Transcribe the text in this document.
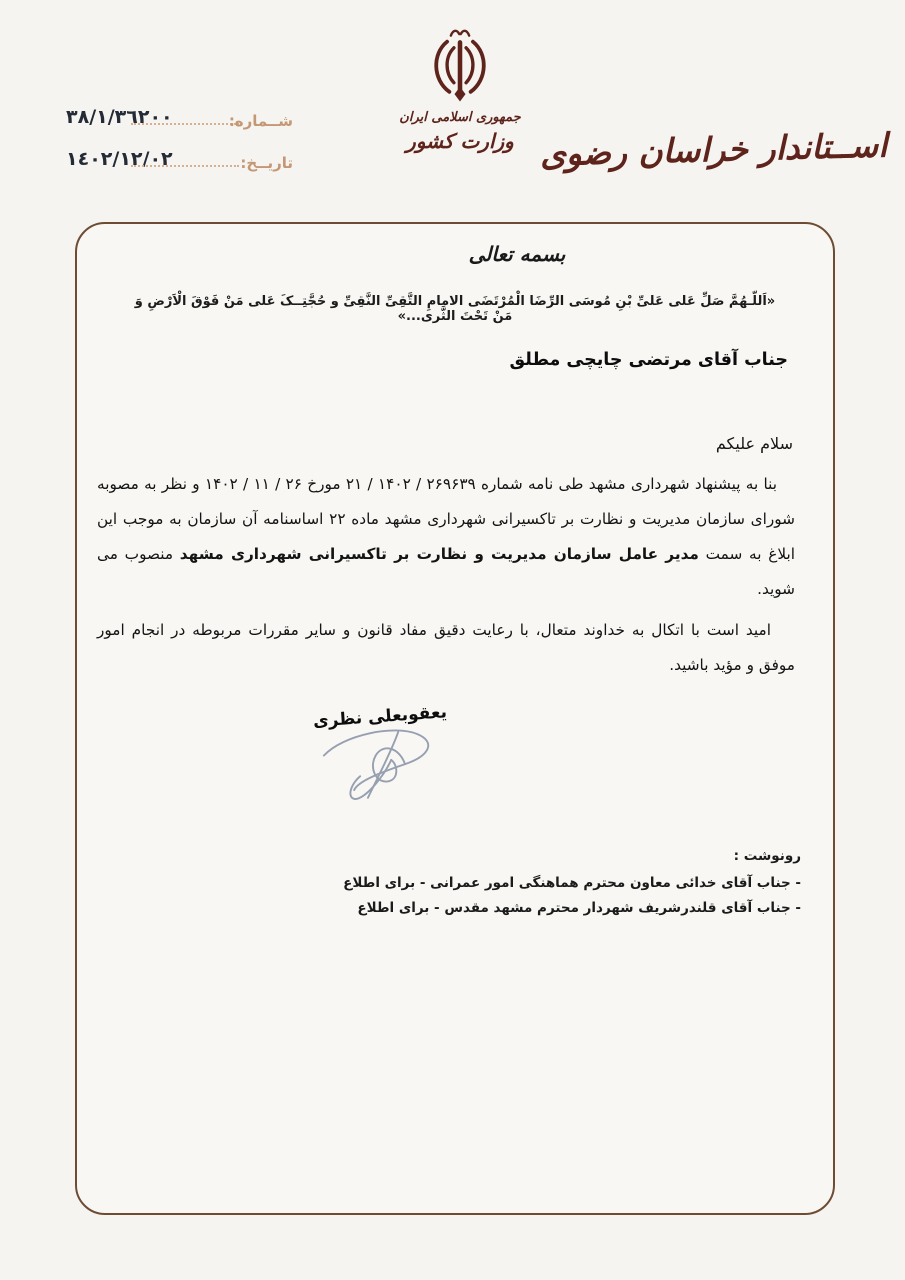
٣٨/١/٣٦٢٠٠	شــماره:
١٤٠٢/١٢/٠٢	تاريــخ:
جمهوری اسلامی ایران
وزارت کشور اســتاندار خراسان رضوی
بسمه تعالی
«اَللّـهُمَّ صَلِّ عَلی عَلیِّ بْنِ مُوسَی الرِّضَا الْمُرْتَضَی الامامِ التَّقِیِّ النَّقِیِّ و حُجَّتِــکَ عَلی مَنْ فَوْقَ الْاَرْضِ وَ مَنْ تَحْتَ الثَّری...»
جناب آقای مرتضی چایچی مطلق
سلام علیکم

بنا به پیشنهاد شهرداری مشهد طی نامه شماره ۲۶۹۶۳۹ / ۱۴۰۲ / ۲۱ مورخ ۲۶ / ۱۱ / ۱۴۰۲ و نظر به مصوبه شورای سازمان مدیریت و نظارت بر تاکسیرانی شهرداری مشهد ماده ۲۲ اساسنامه آن سازمان به موجب این ابلاغ به سمت مدیر عامل سازمان مدیریت و نظارت بر تاکسیرانی شهرداری مشهد منصوب می شوید.

امید است با اتکال به خداوند متعال، با رعایت دقیق مفاد قانون و سایر مقررات مربوطه در انجام امور موفق و مؤید باشید.

یعقوبعلی نظری
رونوشت :
- جناب آقای خدائی معاون محترم هماهنگی امور عمرانی - برای اطلاع
- جناب آقای قلندرشریف شهردار محترم مشهد مقدس - برای اطلاع
